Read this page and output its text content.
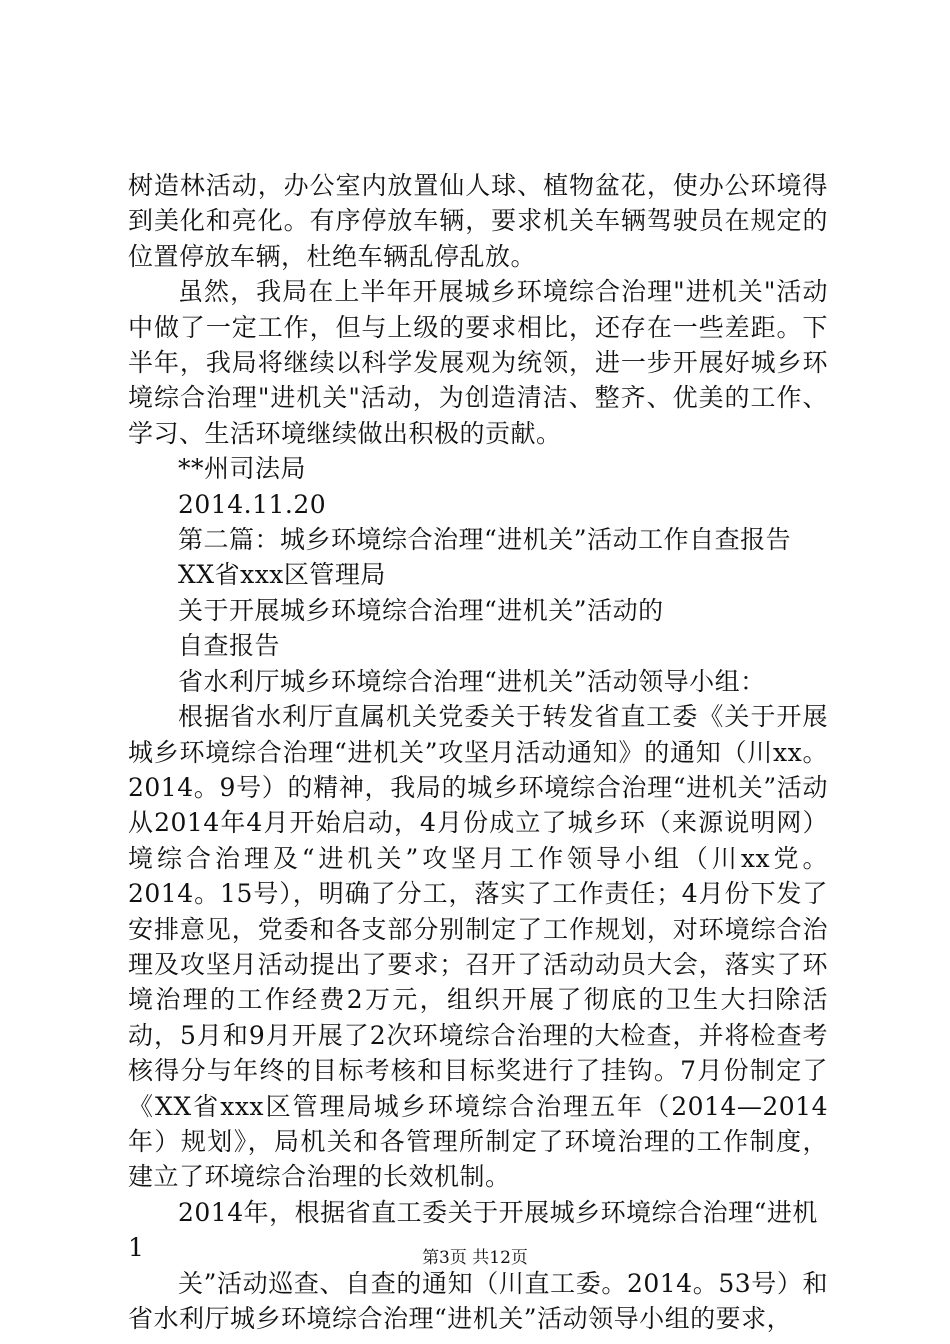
树造林活动，办公室内放置仙人球、植物盆花，使办公环境得到美化和亮化。有序停放车辆，要求机关车辆驾驶员在规定的位置停放车辆，杜绝车辆乱停乱放。

虽然，我局在上半年开展城乡环境综合治理"进机关"活动中做了一定工作，但与上级的要求相比，还存在一些差距。下半年，我局将继续以科学发展观为统领，进一步开展好城乡环境综合治理"进机关"活动，为创造清洁、整齐、优美的工作、学习、生活环境继续做出积极的贡献。

**州司法局

2014.11.20

第二篇：城乡环境综合治理“进机关”活动工作自查报告

XX省xxx区管理局

关于开展城乡环境综合治理“进机关”活动的

自查报告

省水利厅城乡环境综合治理“进机关”活动领导小组：

根据省水利厅直属机关党委关于转发省直工委《关于开展城乡环境综合治理“进机关”攻坚月活动通知》的通知（川xx。2014。9号）的精神，我局的城乡环境综合治理“进机关”活动从2014年4月开始启动，4月份成立了城乡环（来源说明网）境综合治理及“进机关”攻坚月工作领导小组（川xx党。2014。15号），明确了分工，落实了工作责任；4月份下发了安排意见，党委和各支部分别制定了工作规划，对环境综合治理及攻坚月活动提出了要求；召开了活动动员大会，落实了环境治理的工作经费2万元，组织开展了彻底的卫生大扫除活动，5月和9月开展了2次环境综合治理的大检查，并将检查考核得分与年终的目标考核和目标奖进行了挂钩。7月份制定了《XX省xxx区管理局城乡环境综合治理五年（2014—2014年）规划》，局机关和各管理所制定了环境治理的工作制度，建立了环境综合治理的长效机制。

2014年，根据省直工委关于开展城乡环境综合治理“进机

1

关”活动巡查、自查的通知（川直工委。2014。53号）和省水利厅城乡环境综合治理“进机关”活动领导小组的要求，

第3页 共12页
